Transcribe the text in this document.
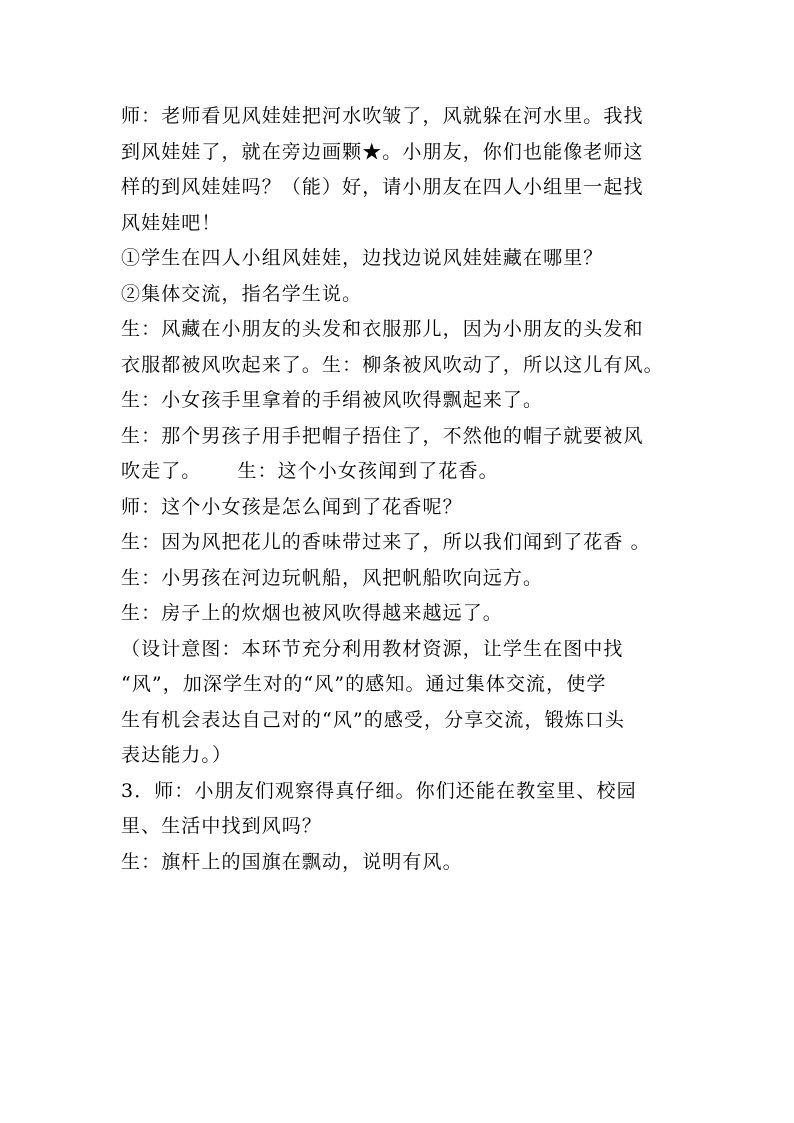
师：老师看见风娃娃把河水吹皱了，风就躲在河水里。我找
到风娃娃了，就在旁边画颗★。小朋友，你们也能像老师这
样的到风娃娃吗？（能）好，请小朋友在四人小组里一起找
风娃娃吧！
①学生在四人小组风娃娃，边找边说风娃娃藏在哪里？
②集体交流，指名学生说。
生：风藏在小朋友的头发和衣服那儿，因为小朋友的头发和
衣服都被风吹起来了。生：柳条被风吹动了，所以这儿有风。
生：小女孩手里拿着的手绢被风吹得飘起来了。
生：那个男孩子用手把帽子捂住了，不然他的帽子就要被风
吹走了。 生：这个小女孩闻到了花香。
师：这个小女孩是怎么闻到了花香呢？
生：因为风把花儿的香味带过来了，所以我们闻到了花香 。
生：小男孩在河边玩帆船，风把帆船吹向远方。
生：房子上的炊烟也被风吹得越来越远了。
（设计意图：本环节充分利用教材资源，让学生在图中找
“风”，加深学生对的“风”的感知。通过集体交流，使学
生有机会表达自己对的“风”的感受，分享交流，锻炼口头
表达能力。）
3．师：小朋友们观察得真仔细。你们还能在教室里、校园
里、生活中找到风吗？
生：旗杆上的国旗在飘动，说明有风。
